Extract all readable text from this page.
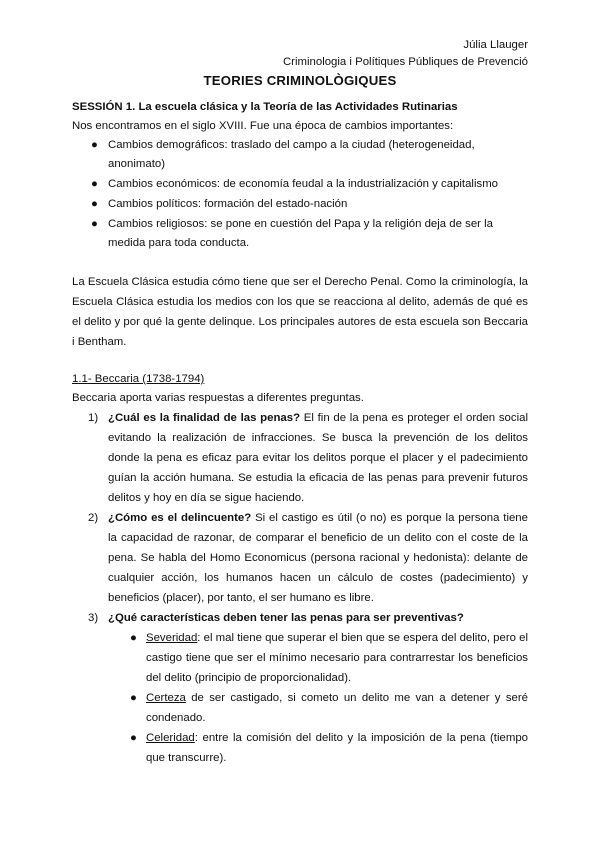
Júlia Llauger
Criminologia i Polítiques Públiques de Prevenció
TEORIES CRIMINOLÒGIQUES
SESSIÓN 1. La escuela clásica y la Teoría de las Actividades Rutinarias
Nos encontramos en el siglo XVIII. Fue una época de cambios importantes:
● Cambios demográficos: traslado del campo a la ciudad (heterogeneidad, anonimato)
● Cambios económicos: de economía feudal a la industrialización y capitalismo
● Cambios políticos: formación del estado-nación
● Cambios religiosos: se pone en cuestión del Papa y la religión deja de ser la medida para toda conducta.
La Escuela Clásica estudia cómo tiene que ser el Derecho Penal. Como la criminología, la Escuela Clásica estudia los medios con los que se reacciona al delito, además de qué es el delito y por qué la gente delinque. Los principales autores de esta escuela son Beccaria i Bentham.
1.1- Beccaria (1738-1794)
Beccaria aporta varias respuestas a diferentes preguntas.
1) ¿Cuál es la finalidad de las penas? El fin de la pena es proteger el orden social evitando la realización de infracciones. Se busca la prevención de los delitos donde la pena es eficaz para evitar los delitos porque el placer y el padecimiento guían la acción humana. Se estudia la eficacia de las penas para prevenir futuros delitos y hoy en día se sigue haciendo.
2) ¿Cómo es el delincuente? Si el castigo es útil (o no) es porque la persona tiene la capacidad de razonar, de comparar el beneficio de un delito con el coste de la pena. Se habla del Homo Economicus (persona racional y hedonista): delante de cualquier acción, los humanos hacen un cálculo de costes (padecimiento) y beneficios (placer), por tanto, el ser humano es libre.
3) ¿Qué características deben tener las penas para ser preventivas?
● Severidad: el mal tiene que superar el bien que se espera del delito, pero el castigo tiene que ser el mínimo necesario para contrarrestar los beneficios del delito (principio de proporcionalidad).
● Certeza de ser castigado, si cometo un delito me van a detener y seré condenado.
● Celeridad: entre la comisión del delito y la imposición de la pena (tiempo que transcurre).
